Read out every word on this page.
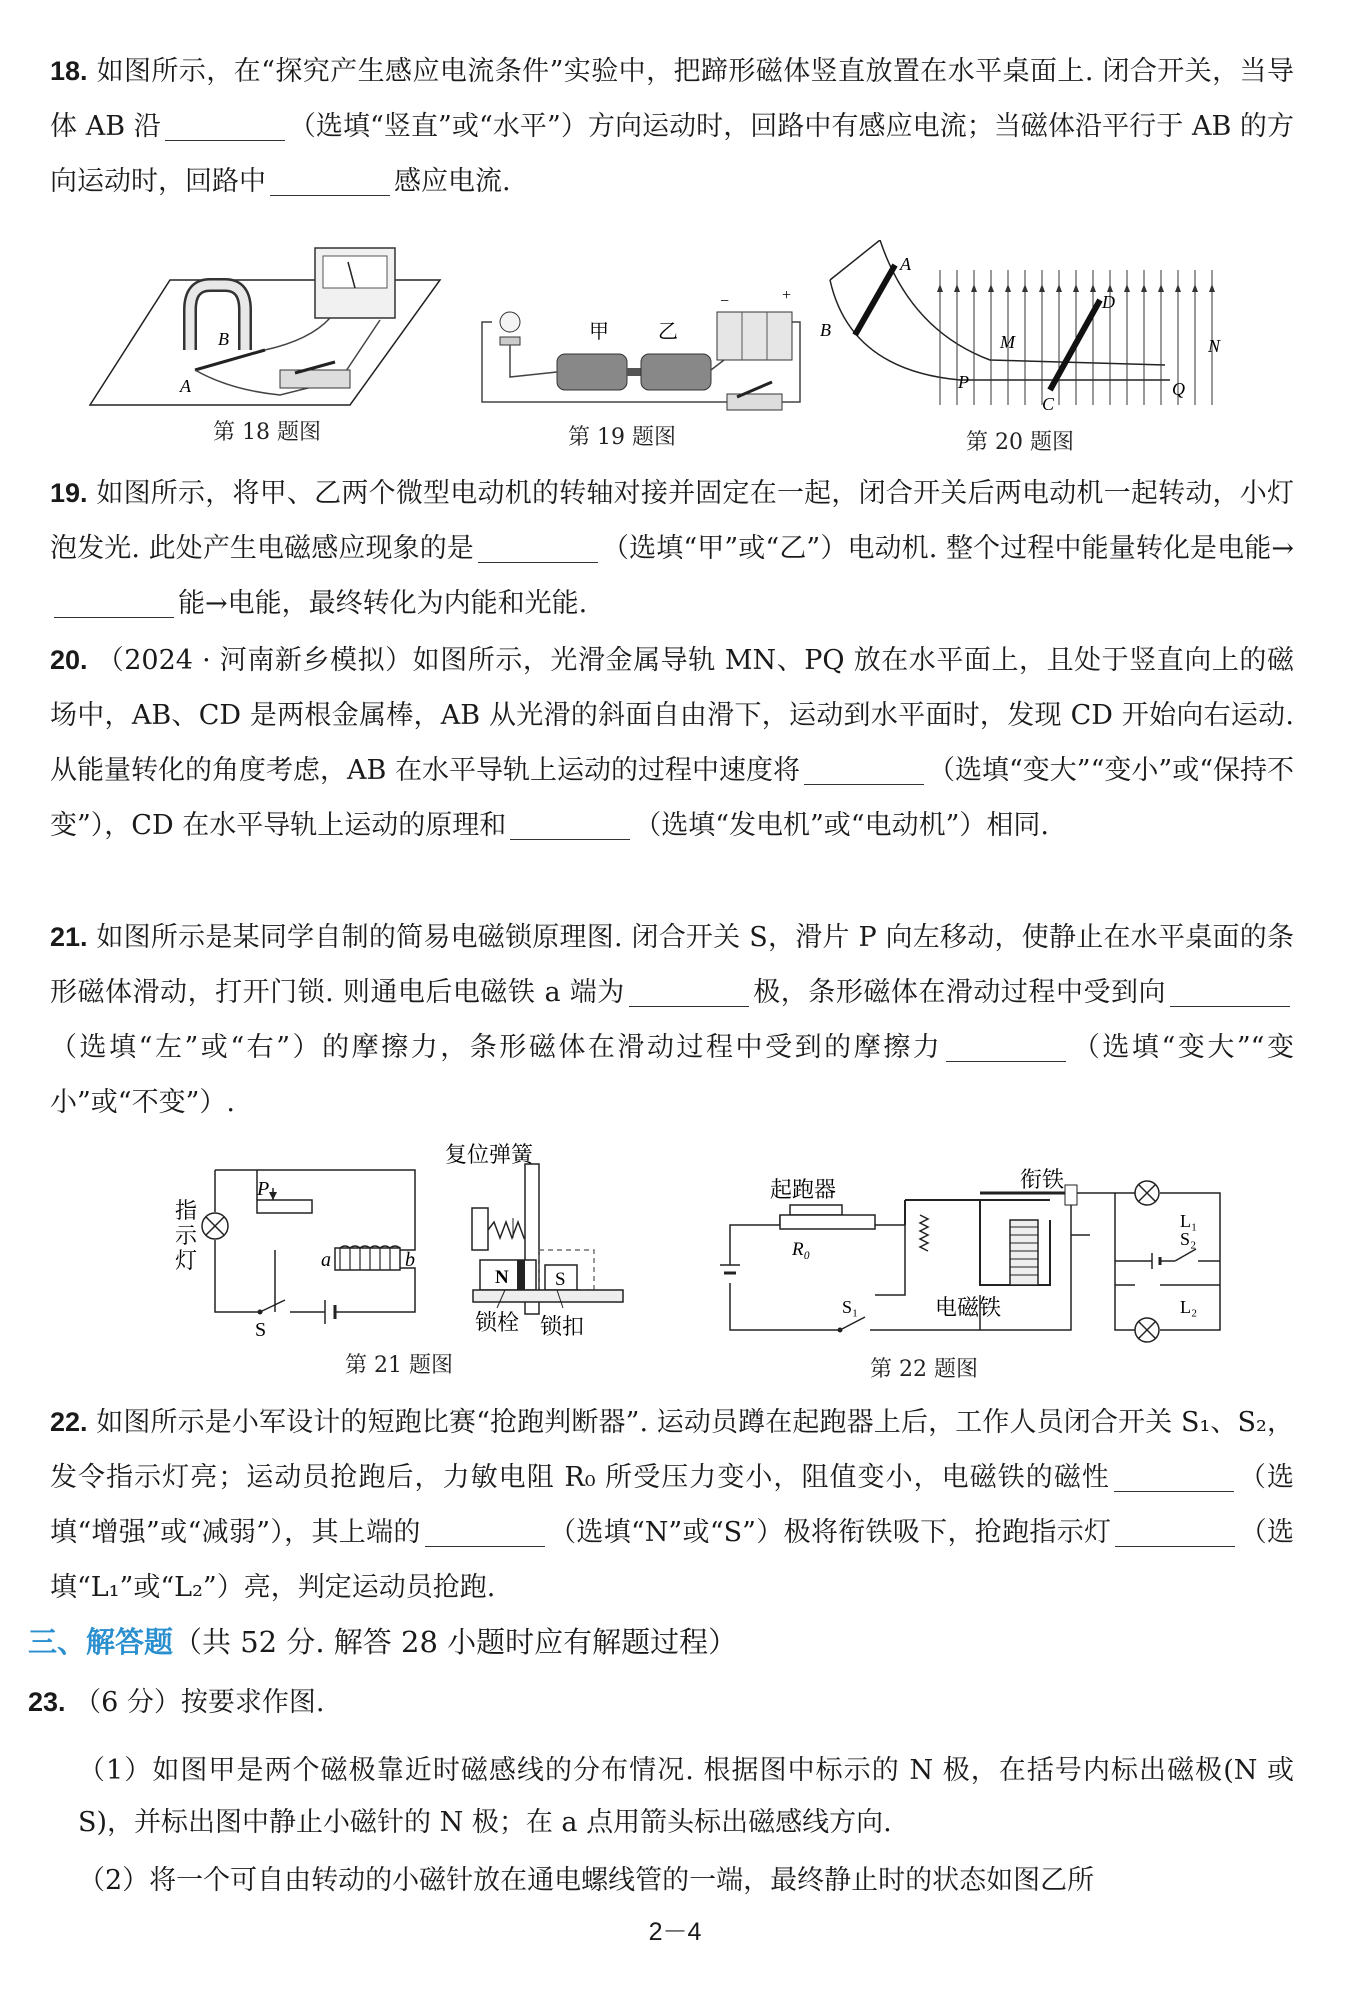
18. 如图所示，在“探究产生感应电流条件”实验中，把蹄形磁体竖直放置在水平桌面上. 闭合开关，当导体 AB 沿	（选填“竖直”或“水平”）方向运动时，回路中有感应电流；当磁体沿平行于 AB 的方向运动时，回路中	感应电流.
A
B
第 18 题图
甲 乙
−	+
第 19 题图
A
B
D
M	N
P
C
Q
第 20 题图
19. 如图所示，将甲、乙两个微型电动机的转轴对接并固定在一起，闭合开关后两电动机一起转动，小灯泡发光. 此处产生电磁感应现象的是	（选填“甲”或“乙”）电动机. 整个过程中能量转化是电能→能→电能，最终转化为内能和光能.
20. （2024 · 河南新乡模拟）如图所示，光滑金属导轨 MN、PQ 放在水平面上，且处于竖直向上的磁场中，AB、CD 是两根金属棒，AB 从光滑的斜面自由滑下，运动到水平面时，发现 CD 开始向右运动. 从能量转化的角度考虑，AB 在水平导轨上运动的过程中速度将	（选填“变大”“变小”或“保持不变”），CD 在水平导轨上运动的原理和	（选填“发电机”或“电动机”）相同.
21. 如图所示是某同学自制的简易电磁锁原理图. 闭合开关 S，滑片 P 向左移动，使静止在水平桌面的条形磁体滑动，打开门锁. 则通电后电磁铁 a 端为	极，条形磁体在滑动过程中受到向（选填“左”或“右”）的摩擦力，条形磁体在滑动过程中受到的摩擦力	（选填“变大”“变小”或“不变”）.
指
示
灯
P
a	b
S
复位弹簧
N S
锁栓 锁扣
第 21 题图
起跑器
R₀
衔铁
L₁
S₂
L₂
S₁	电磁铁
第 22 题图
22. 如图所示是小军设计的短跑比赛“抢跑判断器”. 运动员蹲在起跑器上后，工作人员闭合开关 S₁、S₂，发令指示灯亮；运动员抢跑后，力敏电阻 R₀ 所受压力变小，阻值变小，电磁铁的磁性	（选填“增强”或“减弱”），其上端的	（选填“N”或“S”）极将衔铁吸下，抢跑指示灯	（选填“L₁”或“L₂”）亮，判定运动员抢跑.
三、解答题（共 52 分. 解答 28 小题时应有解题过程）
23. （6 分）按要求作图.
（1）如图甲是两个磁极靠近时磁感线的分布情况. 根据图中标示的 N 极，在括号内标出磁极(N 或 S)，并标出图中静止小磁针的 N 极；在 a 点用箭头标出磁感线方向.
（2）将一个可自由转动的小磁针放在通电螺线管的一端，最终静止时的状态如图乙所
2－4
